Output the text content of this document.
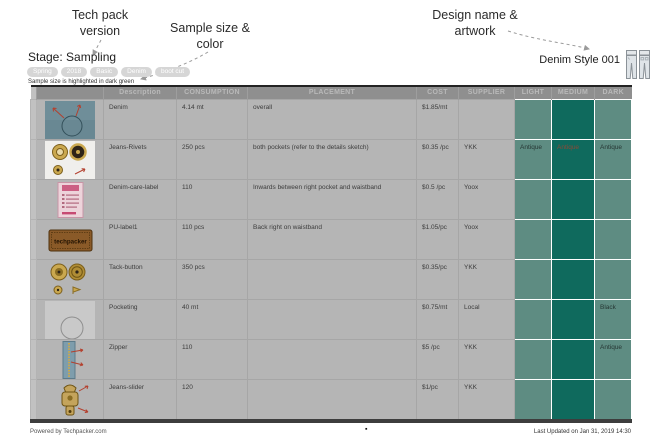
Tech pack
version	Sample size &
color
Design name &
artwork
Stage: Sampling
Spring	2018	Basic	Denim	boot cut
Sample size is highlighted in dark green
Denim Style 001
		Description	CONSUMPTION	PLACEMENT	COST	SUPPLIER	LIGHT	MEDIUM	DARK

	Denim	4.14 mt	overall	$1.85/mt				

	Jeans-Rivets	250 pcs	both pockets (refer to the details sketch)	$0.35 /pc	YKK	Antique	Antique	Antique

	Denim-care-label	110	Inwards between right pocket and waistband	$0.5 /pc	Yoox			

techpacker	PU-label1	110 pcs	Back right on waistband	$1.05/pc	Yoox			

	Tack-button	350 pcs		$0.35/pc	YKK			

	Pocketing	40 mt		$0.75/mt	Local			Black

	Zipper	110		$5 /pc	YKK			Antique

	Jeans-slider	120		$1/pc	YKK			
Powered by Techpacker.com	▪	Last Updated on Jan 31, 2019 14:30
